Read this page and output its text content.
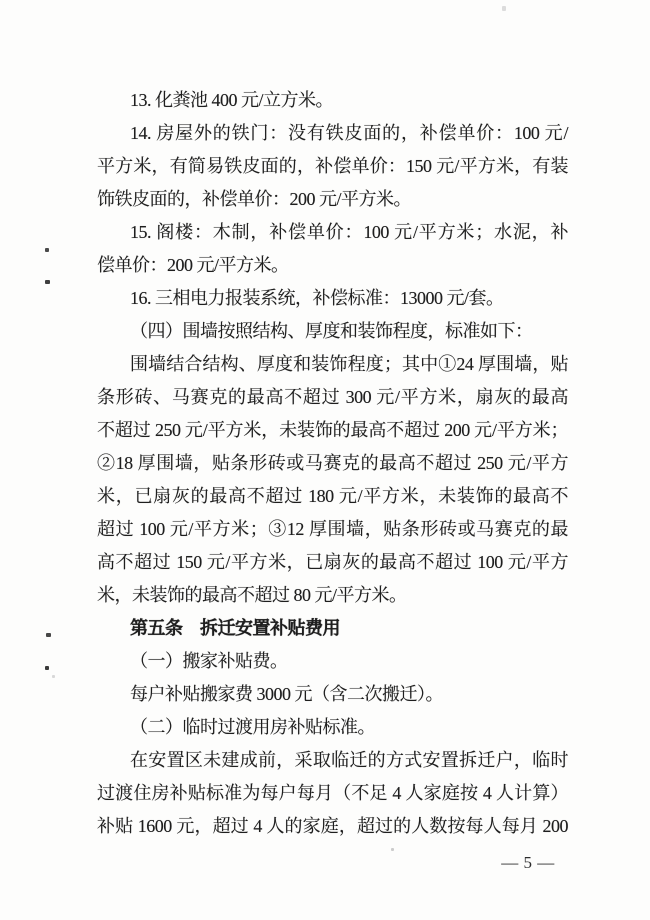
13. 化粪池 400 元/立方米。
14. 房屋外的铁门：没有铁皮面的，补偿单价：100 元/
平方米，有简易铁皮面的，补偿单价：150 元/平方米，有装
饰铁皮面的，补偿单价：200 元/平方米。
15. 阁楼：木制，补偿单价：100 元/平方米；水泥，补
偿单价：200 元/平方米。
16. 三相电力报装系统，补偿标准：13000 元/套。
（四）围墙按照结构、厚度和装饰程度，标准如下：
围墙结合结构、厚度和装饰程度；其中①24 厚围墙，贴
条形砖、马赛克的最高不超过 300 元/平方米，扇灰的最高
不超过 250 元/平方米，未装饰的最高不超过 200 元/平方米；
②18 厚围墙，贴条形砖或马赛克的最高不超过 250 元/平方
米，已扇灰的最高不超过 180 元/平方米，未装饰的最高不
超过 100 元/平方米；③12 厚围墙，贴条形砖或马赛克的最
高不超过 150 元/平方米，已扇灰的最高不超过 100 元/平方
米，未装饰的最高不超过 80 元/平方米。
第五条　拆迁安置补贴费用
（一）搬家补贴费。
每户补贴搬家费 3000 元（含二次搬迁）。
（二）临时过渡用房补贴标准。
在安置区未建成前，采取临迁的方式安置拆迁户，临时
过渡住房补贴标准为每户每月（不足 4 人家庭按 4 人计算）
补贴 1600 元，超过 4 人的家庭，超过的人数按每人每月 200
— 5 —
